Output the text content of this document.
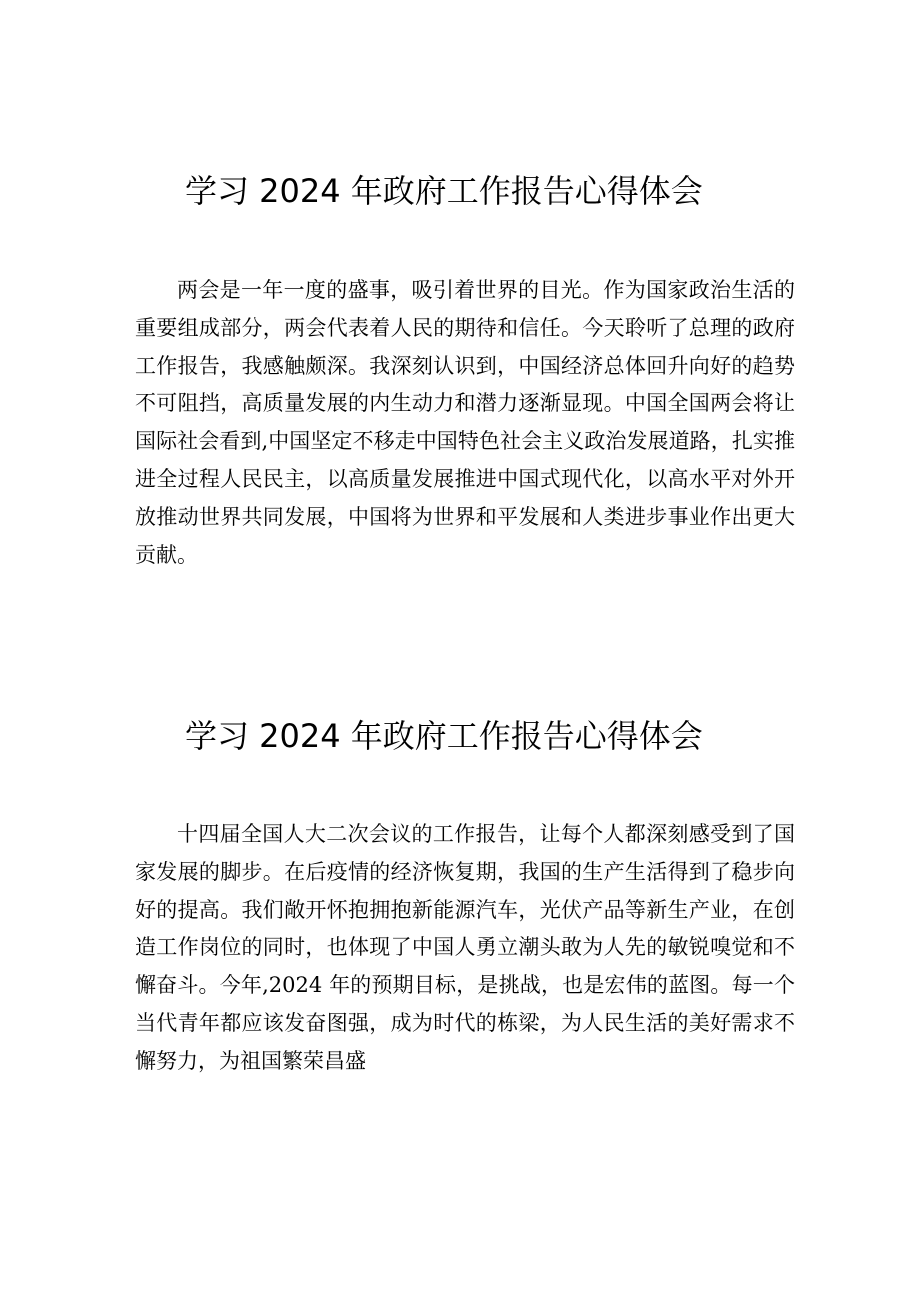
学习 2024 年政府工作报告心得体会

两会是一年一度的盛事，吸引着世界的目光。作为国家政治生活的重要组成部分，两会代表着人民的期待和信任。今天聆听了总理的政府工作报告，我感触颇深。我深刻认识到，中国经济总体回升向好的趋势不可阻挡，高质量发展的内生动力和潜力逐渐显现。中国全国两会将让国际社会看到,中国坚定不移走中国特色社会主义政治发展道路，扎实推进全过程人民民主，以高质量发展推进中国式现代化，以高水平对外开放推动世界共同发展，中国将为世界和平发展和人类进步事业作出更大贡献。

学习 2024 年政府工作报告心得体会

十四届全国人大二次会议的工作报告，让每个人都深刻感受到了国家发展的脚步。在后疫情的经济恢复期，我国的生产生活得到了稳步向好的提高。我们敞开怀抱拥抱新能源汽车，光伏产品等新生产业，在创造工作岗位的同时，也体现了中国人勇立潮头敢为人先的敏锐嗅觉和不懈奋斗。今年,2024 年的预期目标，是挑战，也是宏伟的蓝图。每一个当代青年都应该发奋图强，成为时代的栋梁，为人民生活的美好需求不懈努力，为祖国繁荣昌盛
